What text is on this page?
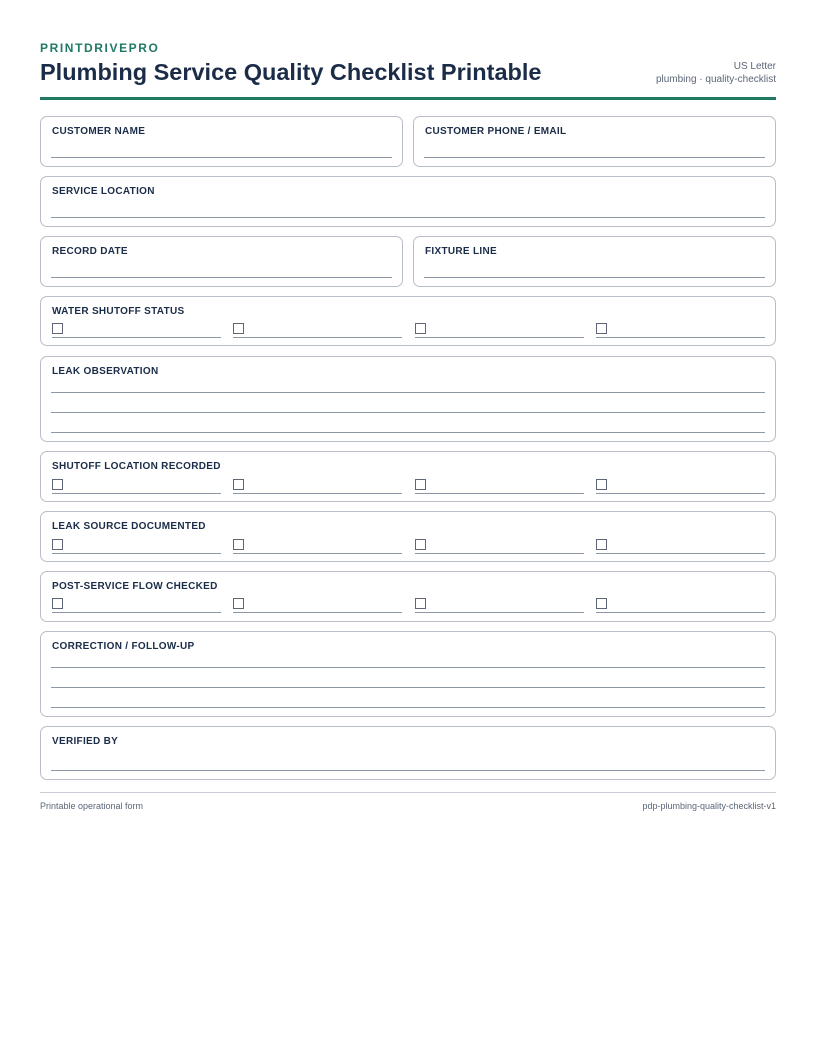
PRINTDRIVEPRO
Plumbing Service Quality Checklist Printable	US Letter
plumbing · quality-checklist
CUSTOMER NAME	CUSTOMER PHONE / EMAIL
SERVICE LOCATION
RECORD DATE	FIXTURE LINE
WATER SHUTOFF STATUS
LEAK OBSERVATION
SHUTOFF LOCATION RECORDED
LEAK SOURCE DOCUMENTED
POST-SERVICE FLOW CHECKED
CORRECTION / FOLLOW-UP
VERIFIED BY
Printable operational form	pdp-plumbing-quality-checklist-v1
